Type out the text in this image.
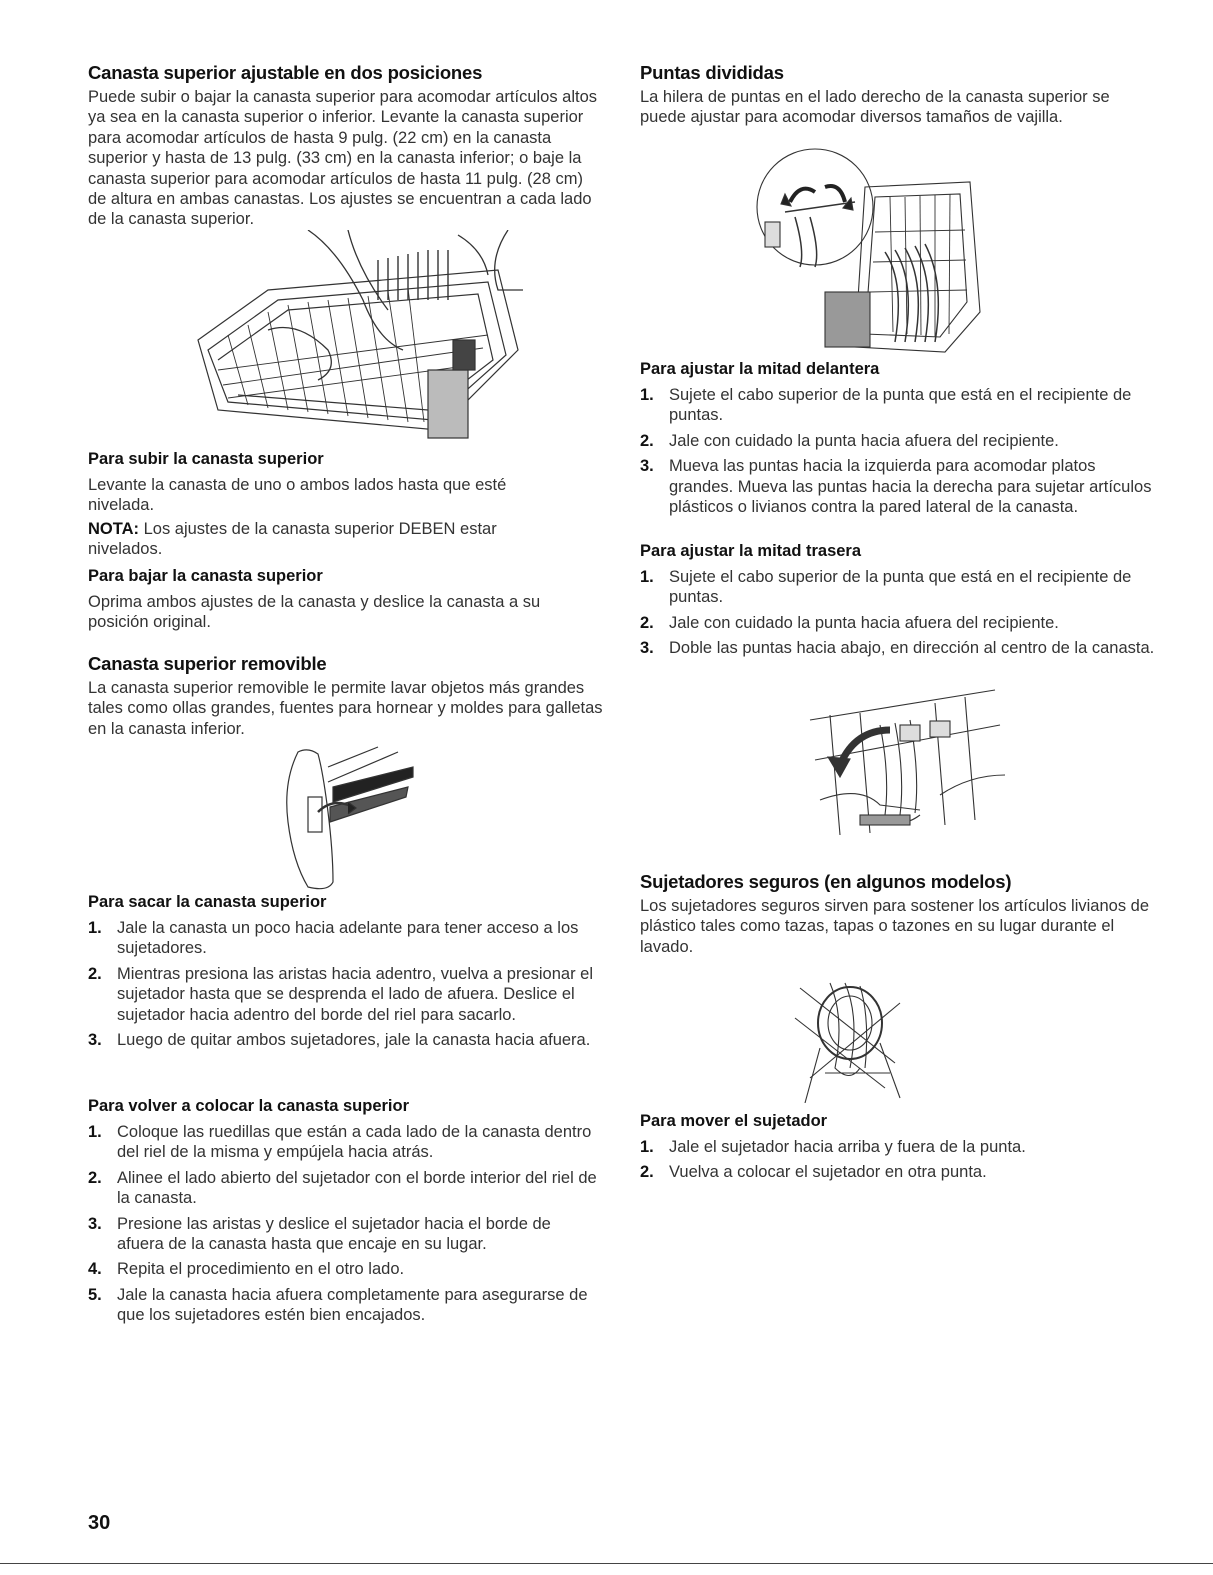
Canasta superior ajustable en dos posiciones

Puede subir o bajar la canasta superior para acomodar artículos altos ya sea en la canasta superior o inferior. Levante la canasta superior para acomodar artículos de hasta 9 pulg. (22 cm) en la canasta superior y hasta de 13 pulg. (33 cm) en la canasta inferior; o baje la canasta superior para acomodar artículos de hasta 11 pulg. (28 cm) de altura en ambas canastas. Los ajustes se encuentran a cada lado de la canasta superior.

Para subir la canasta superior

Levante la canasta de uno o ambos lados hasta que esté nivelada.

NOTA: Los ajustes de la canasta superior DEBEN estar nivelados.

Para bajar la canasta superior

Oprima ambos ajustes de la canasta y deslice la canasta a su posición original.

Canasta superior removible

La canasta superior removible le permite lavar objetos más grandes tales como ollas grandes, fuentes para hornear y moldes para galletas en la canasta inferior.

Para sacar la canasta superior
1. Jale la canasta un poco hacia adelante para tener acceso a los sujetadores.
2. Mientras presiona las aristas hacia adentro, vuelva a presionar el sujetador hasta que se desprenda el lado de afuera. Deslice el sujetador hacia adentro del borde del riel para sacarlo.
3. Luego de quitar ambos sujetadores, jale la canasta hacia afuera.
Para volver a colocar la canasta superior
1. Coloque las ruedillas que están a cada lado de la canasta dentro del riel de la misma y empújela hacia atrás.
2. Alinee el lado abierto del sujetador con el borde interior del riel de la canasta.
3. Presione las aristas y deslice el sujetador hacia el borde de afuera de la canasta hasta que encaje en su lugar.
4. Repita el procedimiento en el otro lado.
5. Jale la canasta hacia afuera completamente para asegurarse de que los sujetadores estén bien encajados.
Puntas divididas

La hilera de puntas en el lado derecho de la canasta superior se puede ajustar para acomodar diversos tamaños de vajilla.

Para ajustar la mitad delantera
1. Sujete el cabo superior de la punta que está en el recipiente de puntas.
2. Jale con cuidado la punta hacia afuera del recipiente.
3. Mueva las puntas hacia la izquierda para acomodar platos grandes. Mueva las puntas hacia la derecha para sujetar artículos plásticos o livianos contra la pared lateral de la canasta.
Para ajustar la mitad trasera
1. Sujete el cabo superior de la punta que está en el recipiente de puntas.
2. Jale con cuidado la punta hacia afuera del recipiente.
3. Doble las puntas hacia abajo, en dirección al centro de la canasta.
Sujetadores seguros (en algunos modelos)

Los sujetadores seguros sirven para sostener los artículos livianos de plástico tales como tazas, tapas o tazones en su lugar durante el lavado.

Para mover el sujetador
1. Jale el sujetador hacia arriba y fuera de la punta.
2. Vuelva a colocar el sujetador en otra punta.
30
